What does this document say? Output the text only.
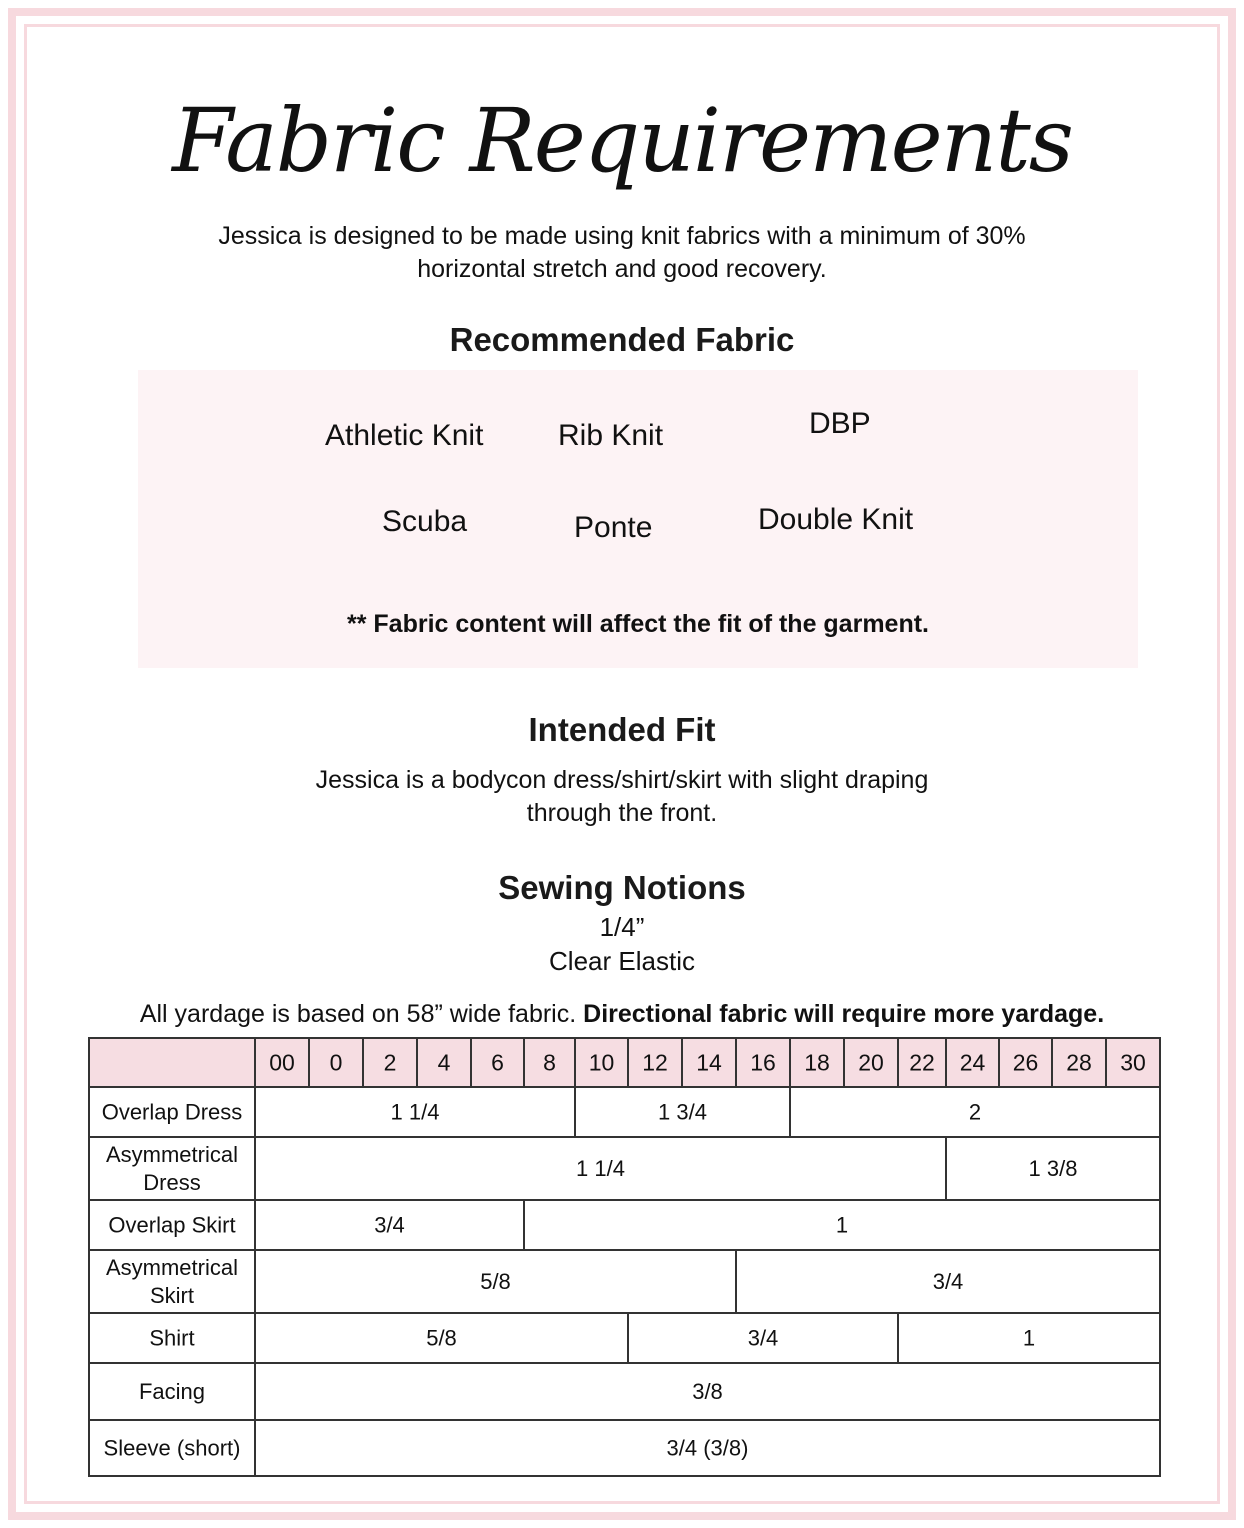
Fabric Requirements
Jessica is designed to be made using knit fabrics with a minimum of 30%
horizontal stretch and good recovery.
Recommended Fabric
Athletic Knit Rib Knit	DBP
Scuba	Ponte	Double Knit
** Fabric content will affect the fit of the garment.
Intended Fit
Jessica is a bodycon dress/shirt/skirt with slight draping
through the front.
Sewing Notions
1/4”
Clear Elastic
All yardage is based on 58” wide fabric. Directional fabric will require more yardage.
00 0 2 4 6 8 10 12 14 16 18 20 22 24 26 28 30
Overlap Dress	1 1/4	1 3/4	2
Asymmetrical
Dress
1 1/4	1 3/8
Overlap Skirt	3/4	1
Asymmetrical
Skirt
5/8	3/4
Shirt	5/8	3/4	1
Facing	3/8
Sleeve (short)	3/4 (3/8)
